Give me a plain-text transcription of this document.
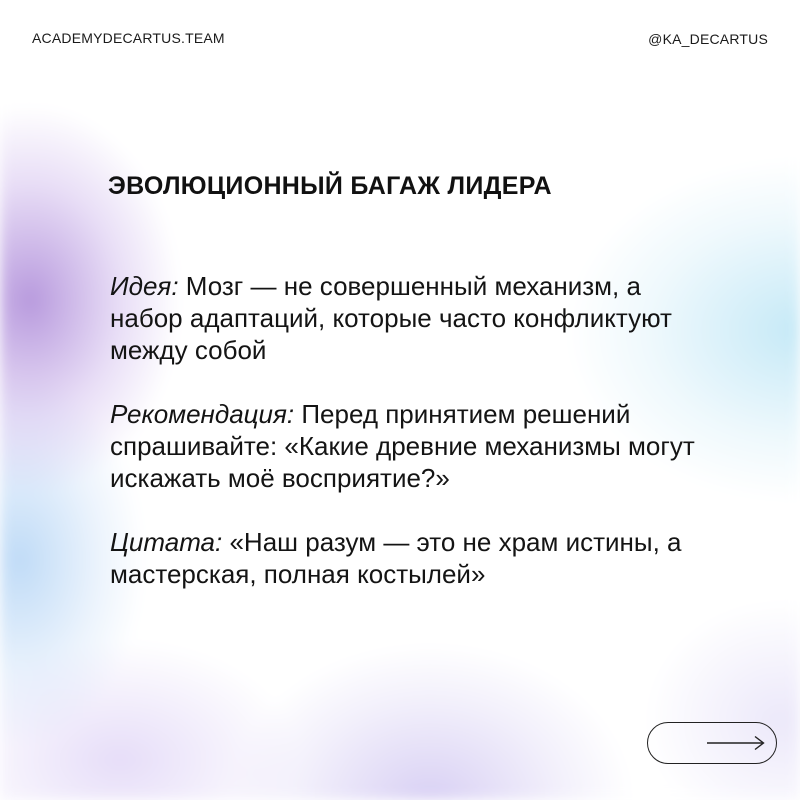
ACADEMYDECARTUS.TEAM	@KA_DECARTUS
ЭВОЛЮЦИОННЫЙ БАГАЖ ЛИДЕРА

Идея: Мозг — не совершенный механизм, а набор адаптаций, которые часто конфликтуют между собой

Рекомендация: Перед принятием решений спрашивайте: «Какие древние механизмы могут искажать моё восприятие?»

Цитата: «Наш разум — это не храм истины, а мастерская, полная костылей»
